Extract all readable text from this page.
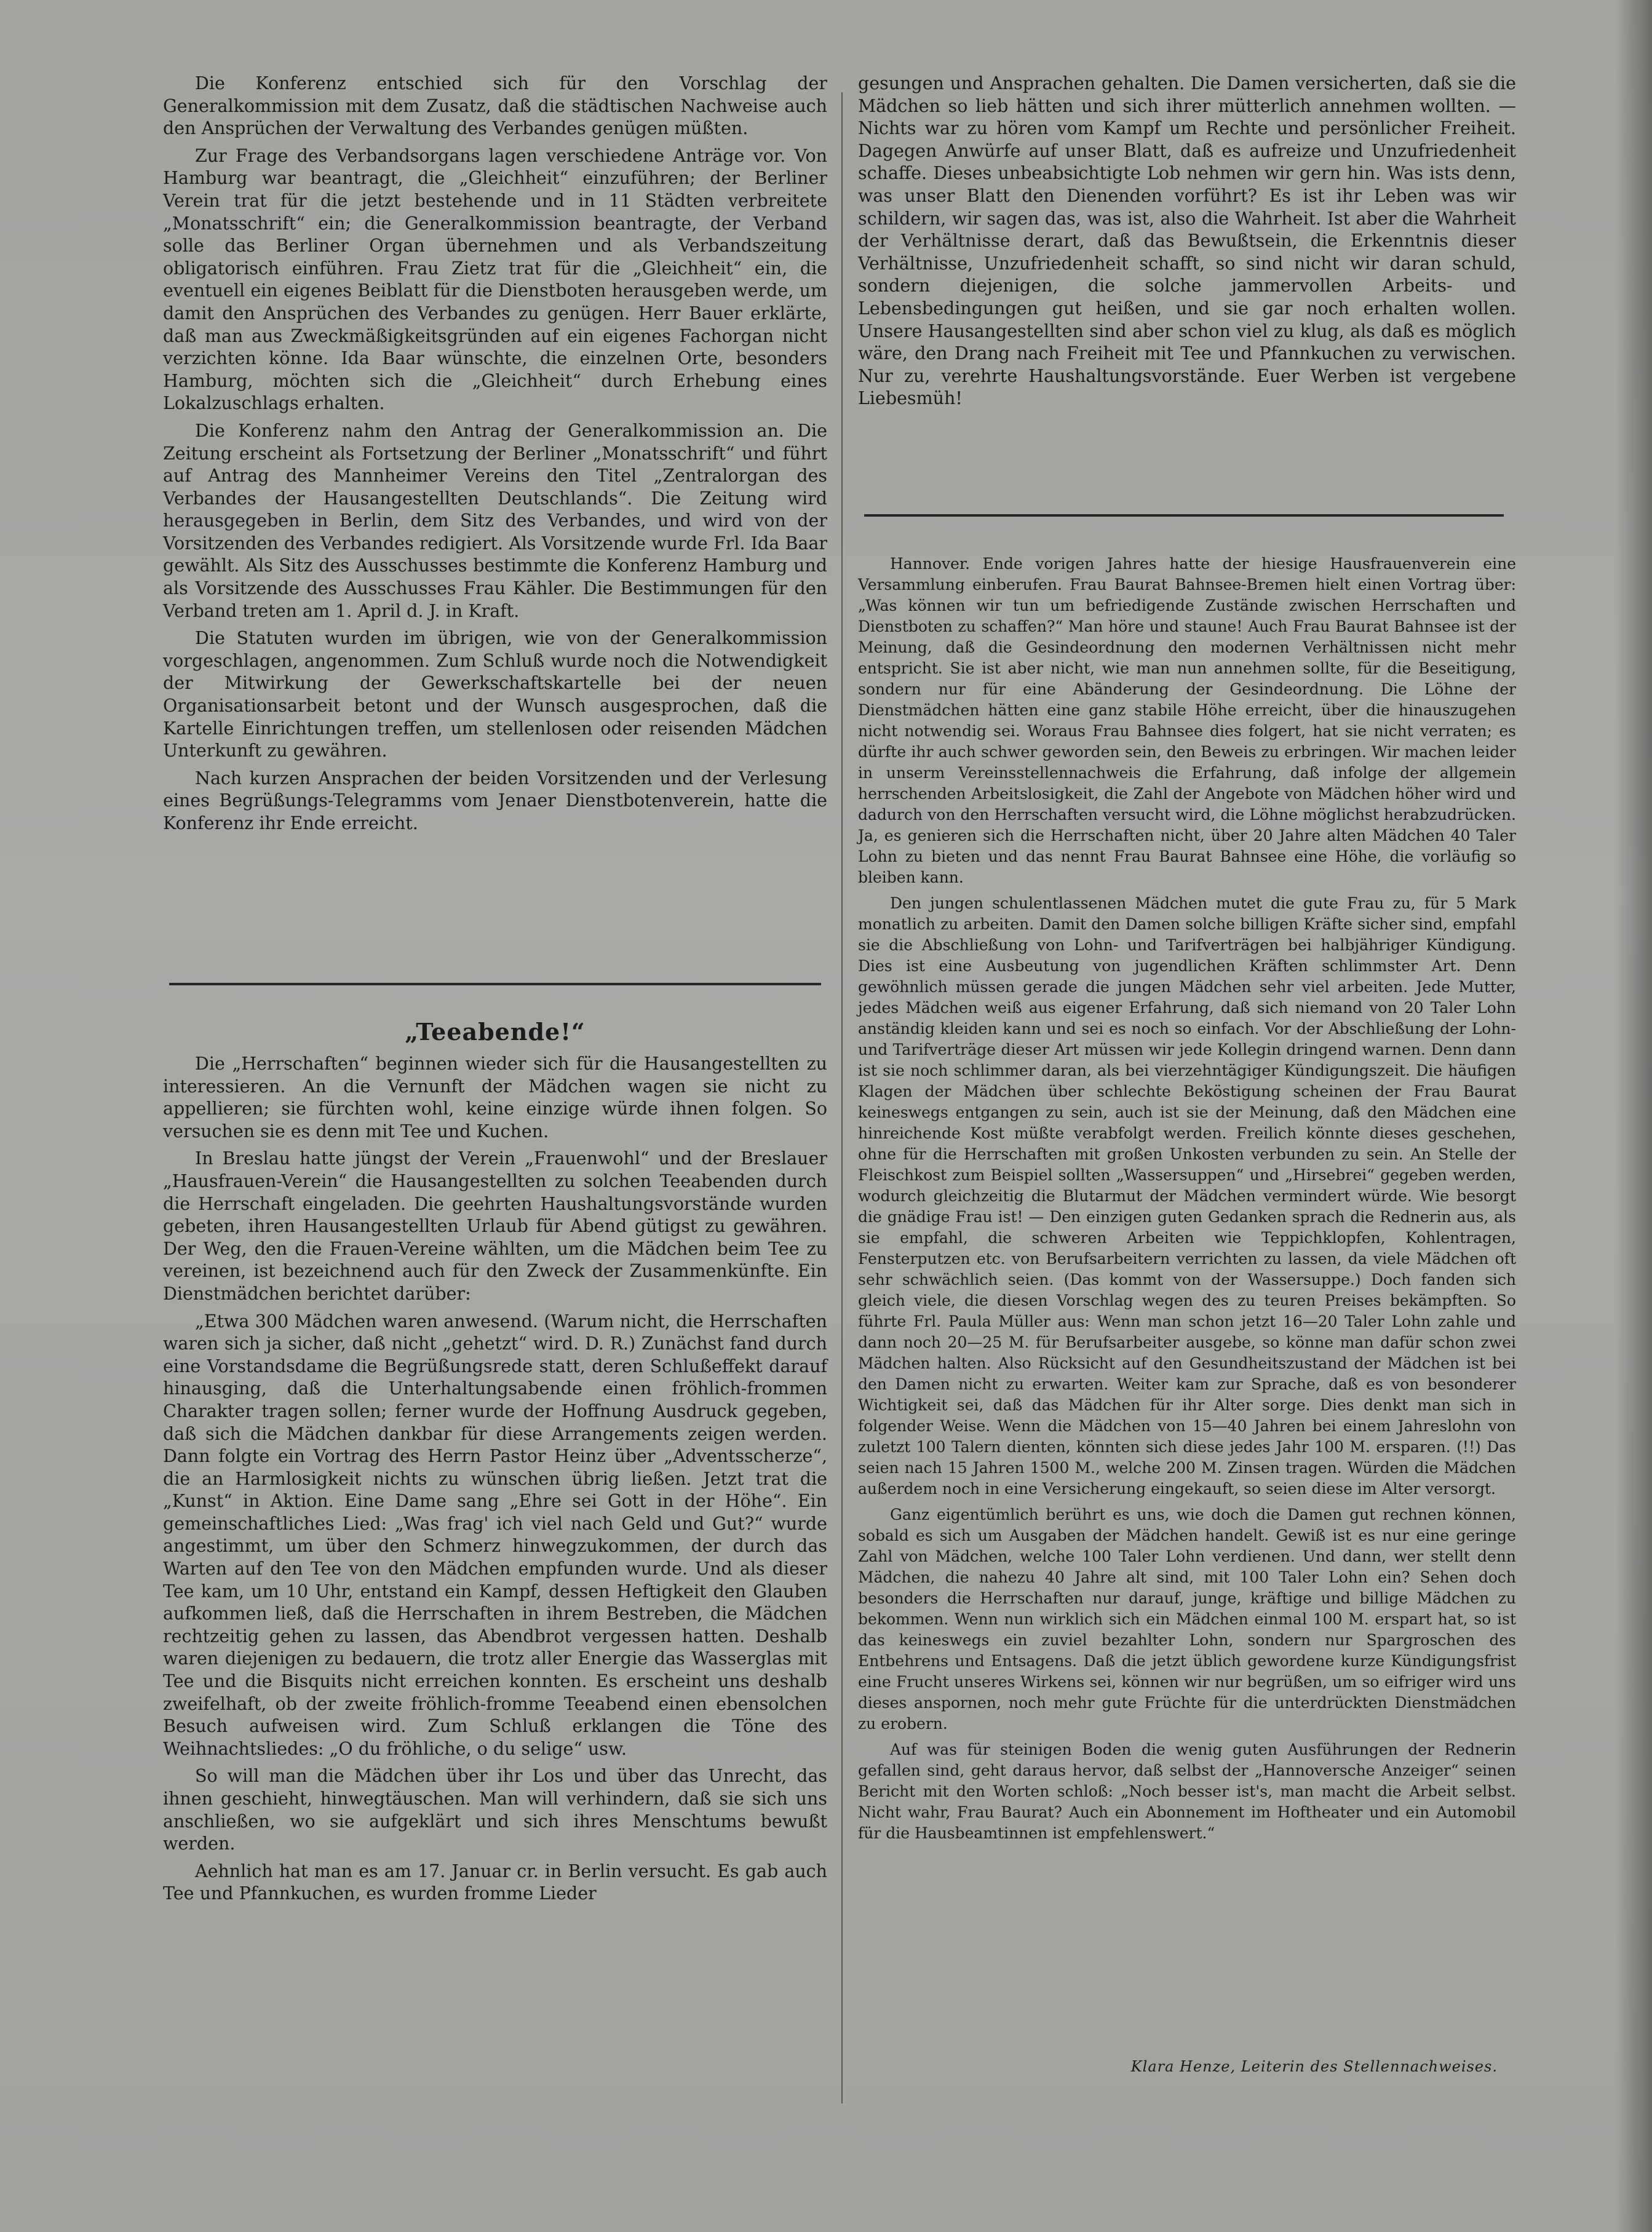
Die Konferenz entschied sich für den Vorschlag der Generalkommission mit dem Zusatz, daß die städtischen Nachweise auch den Ansprüchen der Verwaltung des Verbandes genügen müßten.

Zur Frage des Verbandsorgans lagen verschiedene Anträge vor. Von Hamburg war beantragt, die „Gleichheit“ einzuführen; der Berliner Verein trat für die jetzt bestehende und in 11 Städten verbreitete „Monatsschrift“ ein; die Generalkommission beantragte, der Verband solle das Berliner Organ übernehmen und als Verbandszeitung obligatorisch einführen. Frau Zietz trat für die „Gleichheit“ ein, die eventuell ein eigenes Beiblatt für die Dienstboten herausgeben werde, um damit den Ansprüchen des Verbandes zu genügen. Herr Bauer erklärte, daß man aus Zweckmäßigkeitsgründen auf ein eigenes Fachorgan nicht verzichten könne. Ida Baar wünschte, die einzelnen Orte, besonders Hamburg, möchten sich die „Gleichheit“ durch Erhebung eines Lokalzuschlags erhalten.

Die Konferenz nahm den Antrag der Generalkommission an. Die Zeitung erscheint als Fortsetzung der Berliner „Monatsschrift“ und führt auf Antrag des Mannheimer Vereins den Titel „Zentralorgan des Verbandes der Hausangestellten Deutschlands“. Die Zeitung wird herausgegeben in Berlin, dem Sitz des Verbandes, und wird von der Vorsitzenden des Verbandes redigiert. Als Vorsitzende wurde Frl. Ida Baar gewählt. Als Sitz des Ausschusses bestimmte die Konferenz Hamburg und als Vorsitzende des Ausschusses Frau Kähler. Die Bestimmungen für den Verband treten am 1. April d. J. in Kraft.

Die Statuten wurden im übrigen, wie von der Generalkommission vorgeschlagen, angenommen. Zum Schluß wurde noch die Notwendigkeit der Mitwirkung der Gewerkschaftskartelle bei der neuen Organisationsarbeit betont und der Wunsch ausgesprochen, daß die Kartelle Einrichtungen treffen, um stellenlosen oder reisenden Mädchen Unterkunft zu gewähren.

Nach kurzen Ansprachen der beiden Vorsitzenden und der Verlesung eines Begrüßungs-Telegramms vom Jenaer Dienstbotenverein, hatte die Konferenz ihr Ende erreicht.

„Teeabende!“

Die „Herrschaften“ beginnen wieder sich für die Hausangestellten zu interessieren. An die Vernunft der Mädchen wagen sie nicht zu appellieren; sie fürchten wohl, keine einzige würde ihnen folgen. So versuchen sie es denn mit Tee und Kuchen.

In Breslau hatte jüngst der Verein „Frauenwohl“ und der Breslauer „Hausfrauen-Verein“ die Hausangestellten zu solchen Teeabenden durch die Herrschaft eingeladen. Die geehrten Haushaltungsvorstände wurden gebeten, ihren Hausangestellten Urlaub für Abend gütigst zu gewähren. Der Weg, den die Frauen-Vereine wählten, um die Mädchen beim Tee zu vereinen, ist bezeichnend auch für den Zweck der Zusammenkünfte. Ein Dienstmädchen berichtet darüber:

„Etwa 300 Mädchen waren anwesend. (Warum nicht, die Herrschaften waren sich ja sicher, daß nicht „gehetzt“ wird. D. R.) Zunächst fand durch eine Vorstandsdame die Begrüßungsrede statt, deren Schlußeffekt darauf hinausging, daß die Unterhaltungsabende einen fröhlich-frommen Charakter tragen sollen; ferner wurde der Hoffnung Ausdruck gegeben, daß sich die Mädchen dankbar für diese Arrangements zeigen werden. Dann folgte ein Vortrag des Herrn Pastor Heinz über „Adventsscherze“, die an Harmlosigkeit nichts zu wünschen übrig ließen. Jetzt trat die „Kunst“ in Aktion. Eine Dame sang „Ehre sei Gott in der Höhe“. Ein gemeinschaftliches Lied: „Was frag' ich viel nach Geld und Gut?“ wurde angestimmt, um über den Schmerz hinwegzukommen, der durch das Warten auf den Tee von den Mädchen empfunden wurde. Und als dieser Tee kam, um 10 Uhr, entstand ein Kampf, dessen Heftigkeit den Glauben aufkommen ließ, daß die Herrschaften in ihrem Bestreben, die Mädchen rechtzeitig gehen zu lassen, das Abendbrot vergessen hatten. Deshalb waren diejenigen zu bedauern, die trotz aller Energie das Wasserglas mit Tee und die Bisquits nicht erreichen konnten. Es erscheint uns deshalb zweifelhaft, ob der zweite fröhlich-fromme Teeabend einen ebensolchen Besuch aufweisen wird. Zum Schluß erklangen die Töne des Weihnachtsliedes: „O du fröhliche, o du selige“ usw.

So will man die Mädchen über ihr Los und über das Unrecht, das ihnen geschieht, hinwegtäuschen. Man will verhindern, daß sie sich uns anschließen, wo sie aufgeklärt und sich ihres Menschtums bewußt werden.

Aehnlich hat man es am 17. Januar cr. in Berlin versucht. Es gab auch Tee und Pfannkuchen, es wurden fromme Lieder

gesungen und Ansprachen gehalten. Die Damen versicherten, daß sie die Mädchen so lieb hätten und sich ihrer mütterlich annehmen wollten. — Nichts war zu hören vom Kampf um Rechte und persönlicher Freiheit. Dagegen Anwürfe auf unser Blatt, daß es aufreize und Unzufriedenheit schaffe. Dieses unbeabsichtigte Lob nehmen wir gern hin. Was ists denn, was unser Blatt den Dienenden vorführt? Es ist ihr Leben was wir schildern, wir sagen das, was ist, also die Wahrheit. Ist aber die Wahrheit der Verhältnisse derart, daß das Bewußtsein, die Erkenntnis dieser Verhältnisse, Unzufriedenheit schafft, so sind nicht wir daran schuld, sondern diejenigen, die solche jammervollen Arbeits- und Lebensbedingungen gut heißen, und sie gar noch erhalten wollen. Unsere Hausangestellten sind aber schon viel zu klug, als daß es möglich wäre, den Drang nach Freiheit mit Tee und Pfannkuchen zu verwischen. Nur zu, verehrte Haushaltungsvorstände. Euer Werben ist vergebene Liebesmüh!

Hannover. Ende vorigen Jahres hatte der hiesige Hausfrauenverein eine Versammlung einberufen. Frau Baurat Bahnsee-Bremen hielt einen Vortrag über: „Was können wir tun um befriedigende Zustände zwischen Herrschaften und Dienstboten zu schaffen?“ Man höre und staune! Auch Frau Baurat Bahnsee ist der Meinung, daß die Gesindeordnung den modernen Verhältnissen nicht mehr entspricht. Sie ist aber nicht, wie man nun annehmen sollte, für die Beseitigung, sondern nur für eine Abänderung der Gesindeordnung. Die Löhne der Dienstmädchen hätten eine ganz stabile Höhe erreicht, über die hinauszugehen nicht notwendig sei. Woraus Frau Bahnsee dies folgert, hat sie nicht verraten; es dürfte ihr auch schwer geworden sein, den Beweis zu erbringen. Wir machen leider in unserm Vereinsstellennachweis die Erfahrung, daß infolge der allgemein herrschenden Arbeitslosigkeit, die Zahl der Angebote von Mädchen höher wird und dadurch von den Herrschaften versucht wird, die Löhne möglichst herabzudrücken. Ja, es genieren sich die Herrschaften nicht, über 20 Jahre alten Mädchen 40 Taler Lohn zu bieten und das nennt Frau Baurat Bahnsee eine Höhe, die vorläufig so bleiben kann.

Den jungen schulentlassenen Mädchen mutet die gute Frau zu, für 5 Mark monatlich zu arbeiten. Damit den Damen solche billigen Kräfte sicher sind, empfahl sie die Abschließung von Lohn- und Tarifverträgen bei halbjähriger Kündigung. Dies ist eine Ausbeutung von jugendlichen Kräften schlimmster Art. Denn gewöhnlich müssen gerade die jungen Mädchen sehr viel arbeiten. Jede Mutter, jedes Mädchen weiß aus eigener Erfahrung, daß sich niemand von 20 Taler Lohn anständig kleiden kann und sei es noch so einfach. Vor der Abschließung der Lohn- und Tarifverträge dieser Art müssen wir jede Kollegin dringend warnen. Denn dann ist sie noch schlimmer daran, als bei vierzehntägiger Kündigungszeit. Die häufigen Klagen der Mädchen über schlechte Beköstigung scheinen der Frau Baurat keineswegs entgangen zu sein, auch ist sie der Meinung, daß den Mädchen eine hinreichende Kost müßte verabfolgt werden. Freilich könnte dieses geschehen, ohne für die Herrschaften mit großen Unkosten verbunden zu sein. An Stelle der Fleischkost zum Beispiel sollten „Wassersuppen“ und „Hirsebrei“ gegeben werden, wodurch gleichzeitig die Blutarmut der Mädchen vermindert würde. Wie besorgt die gnädige Frau ist! — Den einzigen guten Gedanken sprach die Rednerin aus, als sie empfahl, die schweren Arbeiten wie Teppichklopfen, Kohlentragen, Fensterputzen etc. von Berufsarbeitern verrichten zu lassen, da viele Mädchen oft sehr schwächlich seien. (Das kommt von der Wassersuppe.) Doch fanden sich gleich viele, die diesen Vorschlag wegen des zu teuren Preises bekämpften. So führte Frl. Paula Müller aus: Wenn man schon jetzt 16—20 Taler Lohn zahle und dann noch 20—25 M. für Berufsarbeiter ausgebe, so könne man dafür schon zwei Mädchen halten. Also Rücksicht auf den Gesundheitszustand der Mädchen ist bei den Damen nicht zu erwarten. Weiter kam zur Sprache, daß es von besonderer Wichtigkeit sei, daß das Mädchen für ihr Alter sorge. Dies denkt man sich in folgender Weise. Wenn die Mädchen von 15—40 Jahren bei einem Jahreslohn von zuletzt 100 Talern dienten, könnten sich diese jedes Jahr 100 M. ersparen. (!!) Das seien nach 15 Jahren 1500 M., welche 200 M. Zinsen tragen. Würden die Mädchen außerdem noch in eine Versicherung eingekauft, so seien diese im Alter versorgt.

Ganz eigentümlich berührt es uns, wie doch die Damen gut rechnen können, sobald es sich um Ausgaben der Mädchen handelt. Gewiß ist es nur eine geringe Zahl von Mädchen, welche 100 Taler Lohn verdienen. Und dann, wer stellt denn Mädchen, die nahezu 40 Jahre alt sind, mit 100 Taler Lohn ein? Sehen doch besonders die Herrschaften nur darauf, junge, kräftige und billige Mädchen zu bekommen. Wenn nun wirklich sich ein Mädchen einmal 100 M. erspart hat, so ist das keineswegs ein zuviel bezahlter Lohn, sondern nur Spargroschen des Entbehrens und Entsagens. Daß die jetzt üblich gewordene kurze Kündigungsfrist eine Frucht unseres Wirkens sei, können wir nur begrüßen, um so eifriger wird uns dieses anspornen, noch mehr gute Früchte für die unterdrückten Dienstmädchen zu erobern.

Auf was für steinigen Boden die wenig guten Ausführungen der Rednerin gefallen sind, geht daraus hervor, daß selbst der „Hannoversche Anzeiger“ seinen Bericht mit den Worten schloß: „Noch besser ist's, man macht die Arbeit selbst. Nicht wahr, Frau Baurat? Auch ein Abonnement im Hoftheater und ein Automobil für die Hausbeamtinnen ist empfehlenswert.“

Klara Henze, Leiterin des Stellennachweises.
